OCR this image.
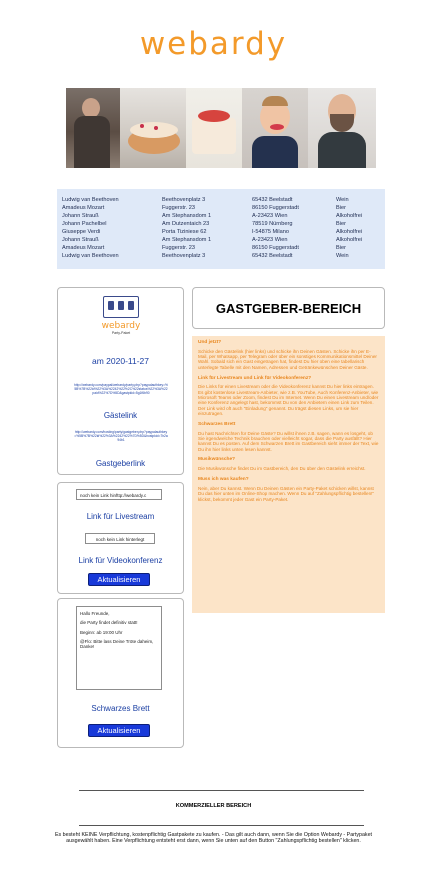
webardy
Ludwig van Beethoven	Beethovenplatz 3	65432 Beelstadt	Wein
Amadeus Mozart	Fuggerstr. 23	86150 Fuggerstadt	Bier
Johann Strauß	Am Stephansdom 1	A-23423 Wien	Alkoholfrei
Johann Pachelbel	Am Dutzentaich 23	78519 Nürnberg	Bier
Giuseppe Verdi	Porta Tiziniese 62	I-54875 Milano	Alkoholfrei
Johann Strauß	Am Stephansdom 1	A-23423 Wien	Alkoholfrei
Amadeus Mozart	Fuggerstr. 23	86150 Fuggerstadt	Bier
Ludwig van Beethoven	Beethovenplatz 3	65432 Beelstadt	Wein
webardy
Party-Paket
am 2020-11-27
http://webardy.com/paypal/webardy/party.php?paypalauthkey=%5B%7B%22id%22%3A%2242%22%2C%22status%22%3A%22paid%22%7D%5D&gastpkid=5g1f6b90
Gästelink
http://webardy.com/hosting/party/gastgeber.php?paypalauthkey=%5B%7B%22id%22%3A%2242%22%7D%5D&hostpkid=7h2a94b1
Gastgeberlink
noch kein Link hinfttp://webardy.c
Link für Livestream
noch kein Link hinterlegt
Link für Videokonferenz
Aktualisieren

Hallo Freunde,

die Party findet definitiv statt!

Beginn: ab 19:00 Uhr

@Flo: Bitte lass Deine Tröte daheim, Danke!

Schwarzes Brett
Aktualisieren
GASTGEBER-BEREICH
Und jetzt?

Schicke den Gästelink (hier links) und schicke ihn Deinen Gästen. Schicke ihn per E-Mail, per Whatsapp, per Telegram oder über ein sonstiges Kommunikationsmittel Deiner Wahl. Sobald sich ein Gast eingetragen hat, findest Du hier oben eine tabellarisch unterlegte Tabelle mit den Namen, Adressen und Getränkewünschen Deiner Gäste.

Link für Livestream und Link für Videokonferenz?

Die Links für einen Livestream oder die Videokonferenz kannst Du hier links eintragen. Es gibt kostenlose Livestream-Anbieter, wie z.B. YouTube, Auch Konferenz-Anbieter, wie Microsoft Teams oder Zoom, findest Du im Internet. Wenn Du einen Livestream und/oder eine Konferenz angelegt hast, bekommst Du von den Anbietern einen Link zum Teilen. Der Link wird oft auch "Einladung" genannt. Du trägst diesen Links, um sie hier einzutragen.

Schwarzes Brett

Du hast Nachrichten für Deine Gäste? Du willst ihnen z.B. sagen, wann es losgeht, ob Sie irgendwelche Technik brauchen oder vielleicht sogar, dass die Party ausfällt? Hier kannst Du es posten. Auf dem Schwarzen Brett im Gastbereich sieht immer der Text, wie Du ihn hier links unten lesen kannst.

Musikwünsche?

Die Musikwünsche findet Du im Gastbereich, den Du über den Gästelink erreichst.

Muss ich was kaufen?

Nein, aber Du kannst. Wenn Du Deinen Gästen ein Party-Paket schicken willst, kannst Du das hier unten im Online-Shop machen. Wenn Du auf "Zahlungspflichtig bestellen!" klickst, bekommt jeder Gast ein Party-Paket.

KOMMERZIELLER BEREICH
Es besteht KEINE Verpflichtung, kostenpflichtig Gastpakete zu kaufen. - Das gilt auch dann, wenn Sie die Option Webardy - Partypaket ausgewählt haben. Eine Verpflichtung entsteht erst dann, wenn Sie unten auf den Button "Zahlungspflichtig bestellen" klicken.
